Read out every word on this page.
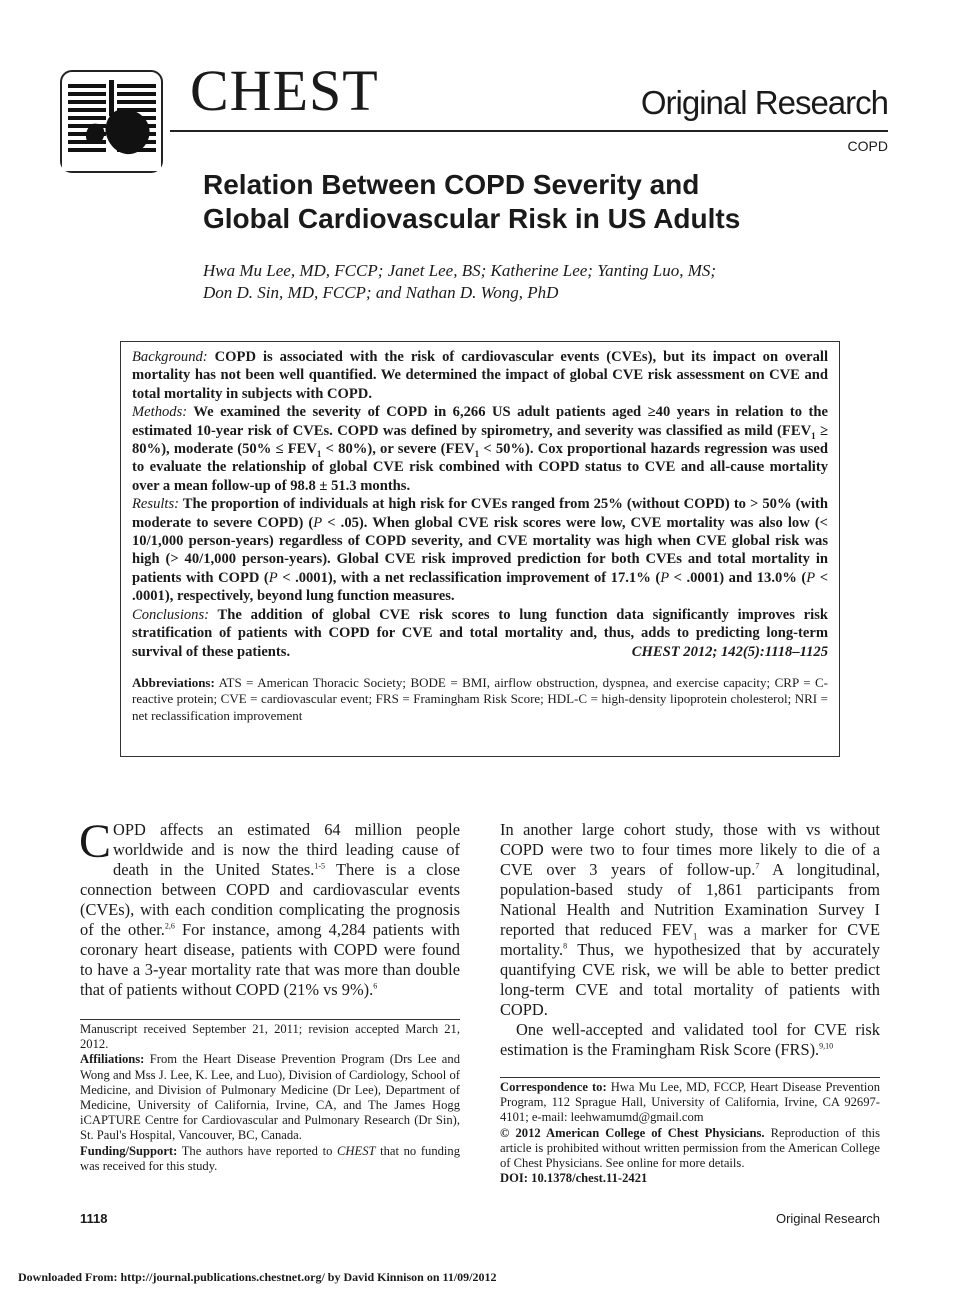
CHEST	Original Research
COPD
Relation Between COPD Severity and
Global Cardiovascular Risk in US Adults
Hwa Mu Lee, MD, FCCP; Janet Lee, BS; Katherine Lee; Yanting Luo, MS;
Don D. Sin, MD, FCCP; and Nathan D. Wong, PhD

Background: COPD is associated with the risk of cardiovascular events (CVEs), but its impact on overall mortality has not been well quantified. We determined the impact of global CVE risk assessment on CVE and total mortality in subjects with COPD.

Methods: We examined the severity of COPD in 6,266 US adult patients aged ≥40 years in relation to the estimated 10-year risk of CVEs. COPD was defined by spirometry, and severity was classified as mild $(FEV_1 \ge 80\%)$, moderate $(50\% \le FEV_1 < 80\%)$, or severe $(FEV_1 < 50\%)$. Cox proportional hazards regression was used to evaluate the relationship of global CVE risk combined with COPD status to CVE and all-cause mortality over a mean follow-up of 98.8 ± 51.3 months.

Results: The proportion of individuals at high risk for CVEs ranged from 25% (without COPD) to > 50% (with moderate to severe COPD) (P < .05). When global CVE risk scores were low, CVE mortality was also low (< 10/1,000 person-years) regardless of COPD severity, and CVE mortality was high when CVE global risk was high (> 40/1,000 person-years). Global CVE risk improved prediction for both CVEs and total mortality in patients with COPD (P < .0001), with a net reclassification improvement of 17.1% (P < .0001) and 13.0% (P < .0001), respectively, beyond lung function measures.

Conclusions: The addition of global CVE risk scores to lung function data significantly improves risk stratification of patients with COPD for CVE and total mortality and, thus, adds to predicting long-term survival of these patients.	CHEST 2012; 142(5):1118–1125

Abbreviations: ATS = American Thoracic Society; BODE = BMI, airflow obstruction, dyspnea, and exercise capacity; CRP = C-reactive protein; CVE = cardiovascular event; FRS = Framingham Risk Score; HDL-C = high-density lipoprotein cholesterol; NRI = net reclassification improvement

COPD affects an estimated 64 million people worldwide and is now the third leading cause of death in the United States.$^{1-5}$ There is a close connection between COPD and cardiovascular events (CVEs), with each condition complicating the prognosis of the other.$^{2,6}$ For instance, among 4,284 patients with coronary heart disease, patients with COPD were found to have a 3-year mortality rate that was more than double that of patients without COPD (21% vs 9%).$^6$

In another large cohort study, those with vs without COPD were two to four times more likely to die of a CVE over 3 years of follow-up.$^7$ A longitudinal, population-based study of 1,861 participants from National Health and Nutrition Examination Survey I reported that reduced $FEV_1$ was a marker for CVE mortality.$^8$ Thus, we hypothesized that by accurately quantifying CVE risk, we will be able to better predict long-term CVE and total mortality of patients with COPD.

One well-accepted and validated tool for CVE risk estimation is the Framingham Risk Score (FRS).$^{9,10}$

Manuscript received September 21, 2011; revision accepted March 21, 2012.

Affiliations: From the Heart Disease Prevention Program (Drs Lee and Wong and Mss J. Lee, K. Lee, and Luo), Division of Cardiology, School of Medicine, and Division of Pulmonary Medicine (Dr Lee), Department of Medicine, University of California, Irvine, CA, and The James Hogg iCAPTURE Centre for Cardiovascular and Pulmonary Research (Dr Sin), St. Paul's Hospital, Vancouver, BC, Canada.

Funding/Support: The authors have reported to CHEST that no funding was received for this study.

Correspondence to: Hwa Mu Lee, MD, FCCP, Heart Disease Prevention Program, 112 Sprague Hall, University of California, Irvine, CA 92697-4101; e-mail: leehwamumd@gmail.com

© 2012 American College of Chest Physicians. Reproduction of this article is prohibited without written permission from the American College of Chest Physicians. See online for more details.

DOI: 10.1378/chest.11-2421

1118	Original Research
Downloaded From: http://journal.publications.chestnet.org/ by David Kinnison on 11/09/2012
